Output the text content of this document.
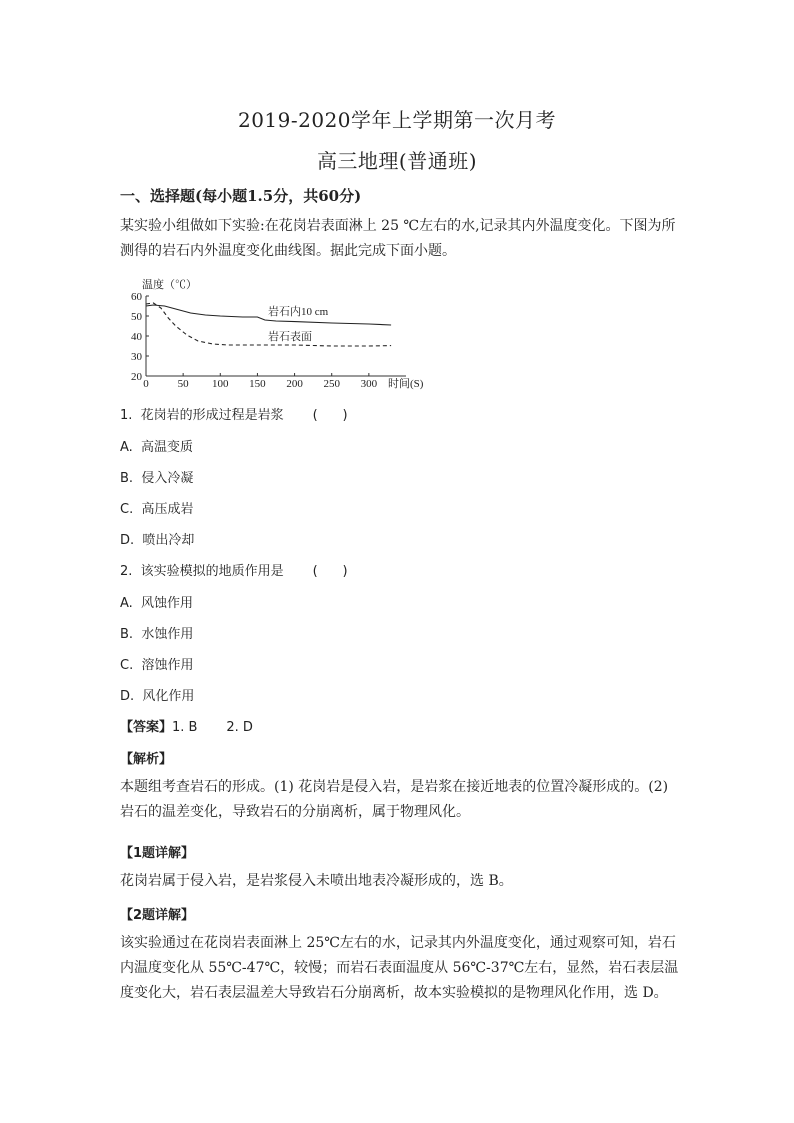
2019-2020学年上学期第一次月考
高三地理(普通班)
一、选择题(每小题1.5分，共60分)
某实验小组做如下实验:在花岗岩表面淋上 25 ℃左右的水,记录其内外温度变化。下图为所测得的岩石内外温度变化曲线图。据此完成下面小题。
温度（℃）
20
30
40
50
60
0	50 100 150 200 250 300 时间(S)
岩石内10 cm
岩石表面
1.  花岗岩的形成过程是岩浆       (      )
A.  高温变质
B.  侵入冷凝
C.  高压成岩
D.  喷出冷却
2.  该实验模拟的地质作用是       (      )
A.  风蚀作用
B.  水蚀作用
C.  溶蚀作用
D.  风化作用
【答案】1. B       2. D
【解析】
本题组考查岩石的形成。(1) 花岗岩是侵入岩，是岩浆在接近地表的位置冷凝形成的。(2) 岩石的温差变化，导致岩石的分崩离析，属于物理风化。
【1题详解】
花岗岩属于侵入岩，是岩浆侵入未喷出地表冷凝形成的，选 B。
【2题详解】
该实验通过在花岗岩表面淋上 25℃左右的水，记录其内外温度变化，通过观察可知，岩石内温度变化从 55℃-47℃，较慢；而岩石表面温度从 56℃-37℃左右，显然，岩石表层温度变化大，岩石表层温差大导致岩石分崩离析，故本实验模拟的是物理风化作用，选 D。
